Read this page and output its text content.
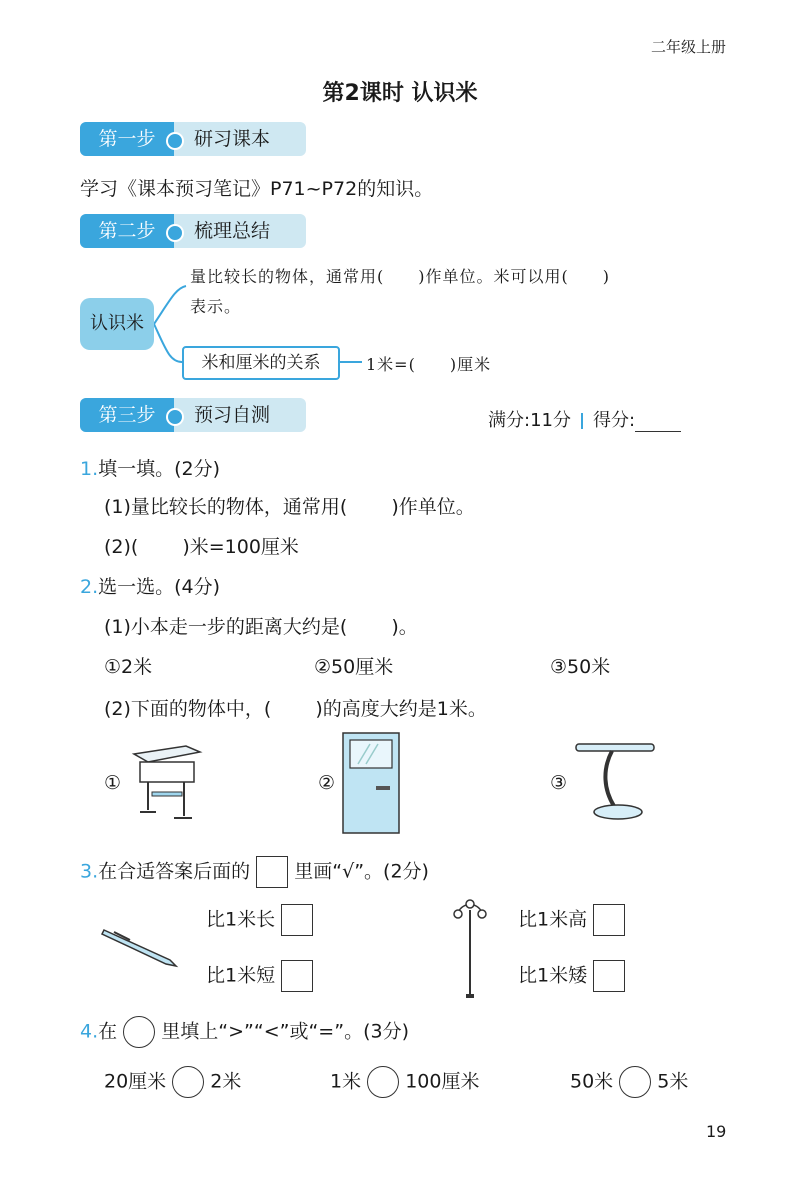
二年级上册
第2课时 认识米
第一步	研习课本
学习《课本预习笔记》P71~P72的知识。
第二步	梳理总结
认识米
量比较长的物体，通常用(　　)作单位。米可以用(　　)
表示。
米和厘米的关系	1米=(　　)厘米
第三步	预习自测	满分:11分 得分:
1.填一填。(2分)
(1)量比较长的物体，通常用( )作单位。
(2)( )米=100厘米
2.选一选。(4分)
(1)小本走一步的距离大约是( )。
①2米	②50厘米	③50米
(2)下面的物体中，( )的高度大约是1米。
①	②	③
3.在合适答案后面的 里画“√”。(2分)
比1米长
比1米短
比1米高
比1米矮
4.在 里填上“>”“<”或“=”。(3分)
20厘米 2米	1米 100厘米	50米 5米
19
